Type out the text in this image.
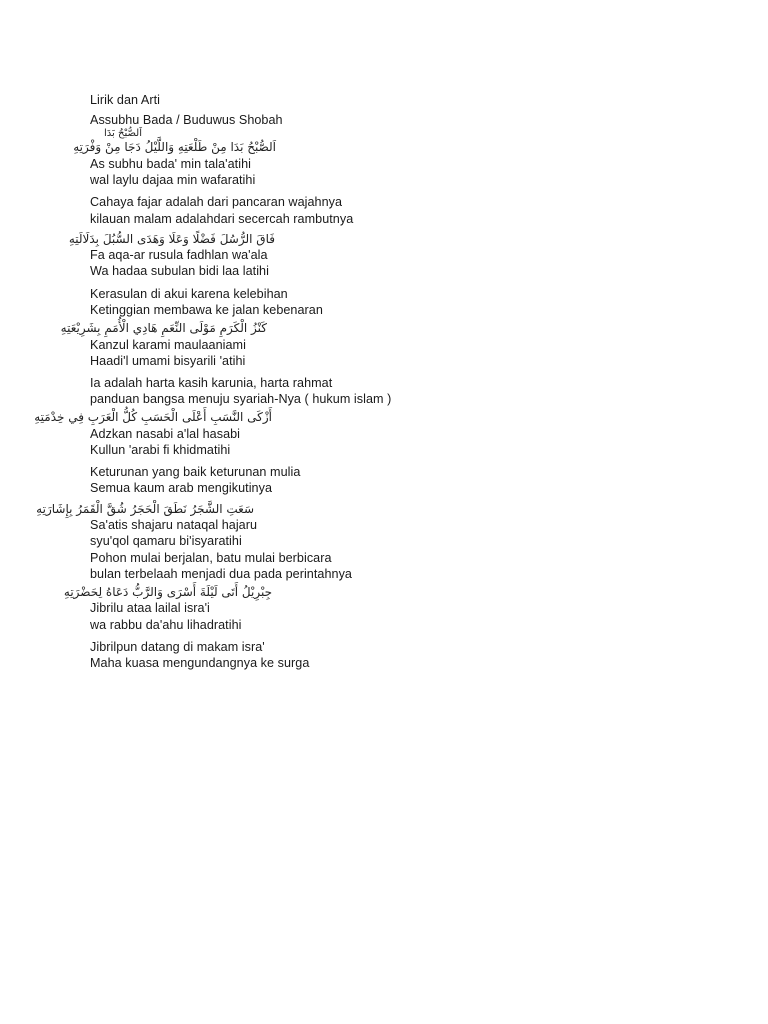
Lirik dan Arti
Assubhu Bada / Buduwus Shobah
اَلصُّبْحُ بَدَا
اَلصُّبْحُ بَدَا مِنْ طَلْعَتِهِ وَاللَّيْلُ دَجَا مِنْ وَفْرَتِهِ
As subhu bada' min tala'atihi
wal laylu dajaa min wafaratihi
Cahaya fajar adalah dari pancaran wajahnya
kilauan malam adalahdari secercah rambutnya
فَاقَ الرُّسُلَ فَضْلًا وَعَلَا وَهَدَى السُّبُلَ بِدَلَالَتِهِ
Fa aqa-ar rusula fadhlan wa'ala
Wa hadaa subulan bidi laa latihi
Kerasulan di akui karena kelebihan
Ketinggian membawa ke jalan kebenaran
كَنْزُ الْكَرَمِ مَوْلَى النِّعَمِ هَادِي الْأُمَمِ بِشَرِيْعَتِهِ
Kanzul karami maulaaniami
Haadi'l umami bisyarili 'atihi
Ia adalah harta kasih karunia, harta rahmat
panduan bangsa menuju syariah-Nya ( hukum islam )
أَزْكَى النَّسَبِ أَعْلَى الْحَسَبِ كُلُّ الْعَرَبِ فِي خِدْمَتِهِ
Adzkan nasabi a'lal hasabi
Kullun 'arabi fi khidmatihi
Keturunan yang baik keturunan mulia
Semua kaum arab mengikutinya
سَعَتِ الشَّجَرُ نَطَقَ الْحَجَرُ شُقَّ الْقَمَرُ بِإِشَارَتِهِ
Sa'atis shajaru nataqal hajaru
syu'qol qamaru bi'isyaratihi
Pohon mulai berjalan, batu mulai berbicara
bulan terbelaah menjadi dua pada perintahnya
جِبْرِيْلُ أَتَى لَيْلَةَ أَسْرَى وَالرَّبُّ دَعَاهُ لِحَضْرَتِهِ
Jibrilu ataa lailal isra'i
wa rabbu da'ahu lihadratihi
Jibrilpun datang di makam isra'
Maha kuasa mengundangnya ke surga
